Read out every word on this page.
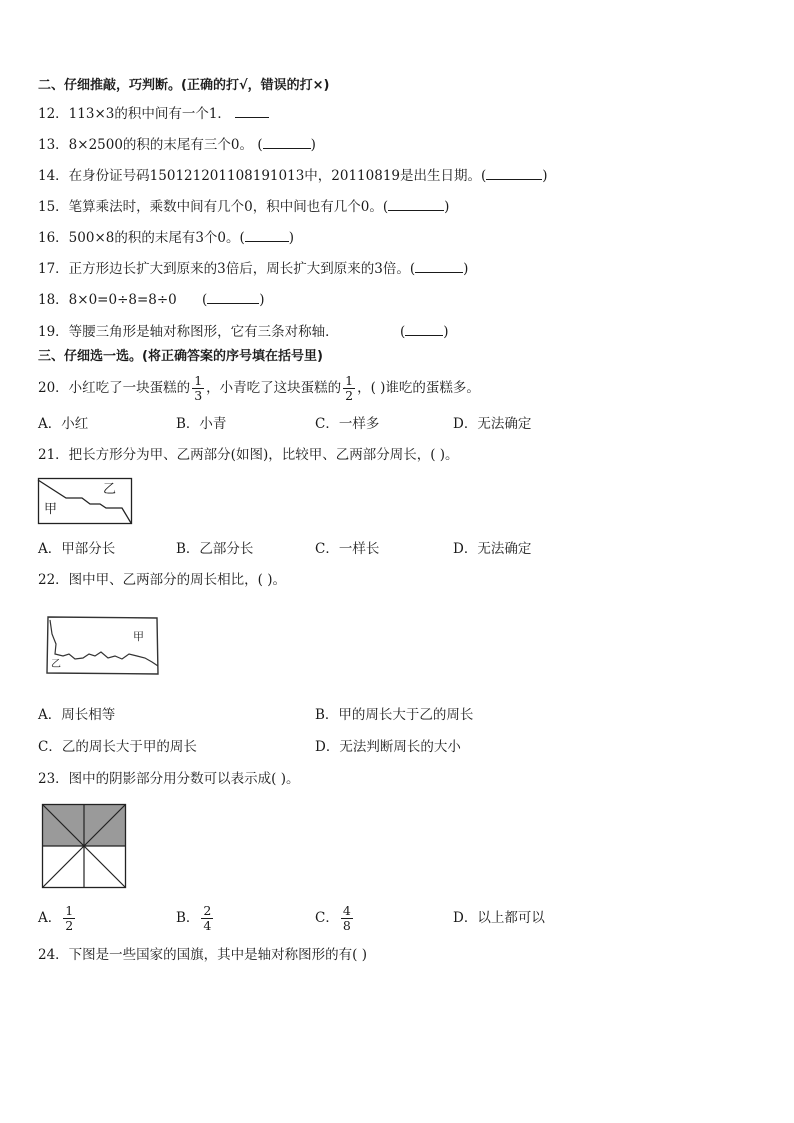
二、仔细推敲，巧判断。(正确的打√，错误的打×)
12．113×3的积中间有一个1．
13．8×2500的积的末尾有三个0。 (	)
14．在身份证号码150121201108191013中，20110819是出生日期。(	)
15．笔算乘法时，乘数中间有几个0，积中间也有几个0。(	)
16．500×8的积的末尾有3个0。(	)
17．正方形边长扩大到原来的3倍后，周长扩大到原来的3倍。(	)
18．8×0=0÷8=8÷0 (	)
19．等腰三角形是轴对称图形，它有三条对称轴．	(	)
三、仔细选一选。(将正确答案的序号填在括号里)
20．小红吃了一块蛋糕的 $\frac{1}{3}$ ，小青吃了这块蛋糕的 $\frac{1}{2}$ ，( )谁吃的蛋糕多。
A．小红	B．小青	C．一样多	D．无法确定
21．把长方形分为甲、乙两部分(如图)，比较甲、乙两部分周长，( )。
乙
甲
A．甲部分长	B．乙部分长	C．一样长	D．无法确定
22．图中甲、乙两部分的周长相比，( )。
甲
乙
A．周长相等	B．甲的周长大于乙的周长
C．乙的周长大于甲的周长	D．无法判断周长的大小
23．图中的阴影部分用分数可以表示成( )。
A． $\frac{1}{2}$	B． $\frac{2}{4}$	C． $\frac{4}{8}$	D．以上都可以
24．下图是一些国家的国旗，其中是轴对称图形的有( )
